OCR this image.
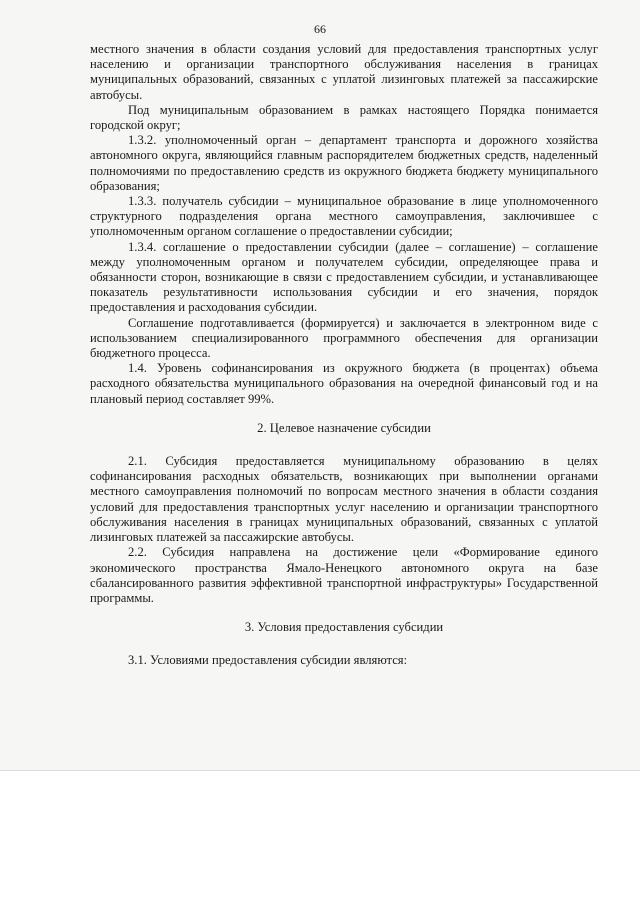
66

местного значения в области создания условий для предоставления транспортных услуг населению и организации транспортного обслуживания населения в границах муниципальных образований, связанных с уплатой лизинговых платежей за пассажирские автобусы.

Под муниципальным образованием в рамках настоящего Порядка понимается городской округ;

1.3.2. уполномоченный орган – департамент транспорта и дорожного хозяйства автономного округа, являющийся главным распорядителем бюджетных средств, наделенный полномочиями по предоставлению средств из окружного бюджета бюджету муниципального образования;

1.3.3. получатель субсидии – муниципальное образование в лице уполномоченного структурного подразделения органа местного самоуправления, заключившее с уполномоченным органом соглашение о предоставлении субсидии;

1.3.4. соглашение о предоставлении субсидии (далее – соглашение) – соглашение между уполномоченным органом и получателем субсидии, определяющее права и обязанности сторон, возникающие в связи с предоставлением субсидии, и устанавливающее показатель результативности использования субсидии и его значения, порядок предоставления и расходования субсидии.

Соглашение подготавливается (формируется) и заключается в электронном виде с использованием специализированного программного обеспечения для организации бюджетного процесса.

1.4. Уровень софинансирования из окружного бюджета (в процентах) объема расходного обязательства муниципального образования на очередной финансовый год и на плановый период составляет 99%.

2. Целевое назначение субсидии

2.1. Субсидия предоставляется муниципальному образованию в целях софинансирования расходных обязательств, возникающих при выполнении органами местного самоуправления полномочий по вопросам местного значения в области создания условий для предоставления транспортных услуг населению и организации транспортного обслуживания населения в границах муниципальных образований, связанных с уплатой лизинговых платежей за пассажирские автобусы.

2.2. Субсидия направлена на достижение цели «Формирование единого экономического пространства Ямало-Ненецкого автономного округа на базе сбалансированного развития эффективной транспортной инфраструктуры» Государственной программы.

3. Условия предоставления субсидии

3.1. Условиями предоставления субсидии являются:
